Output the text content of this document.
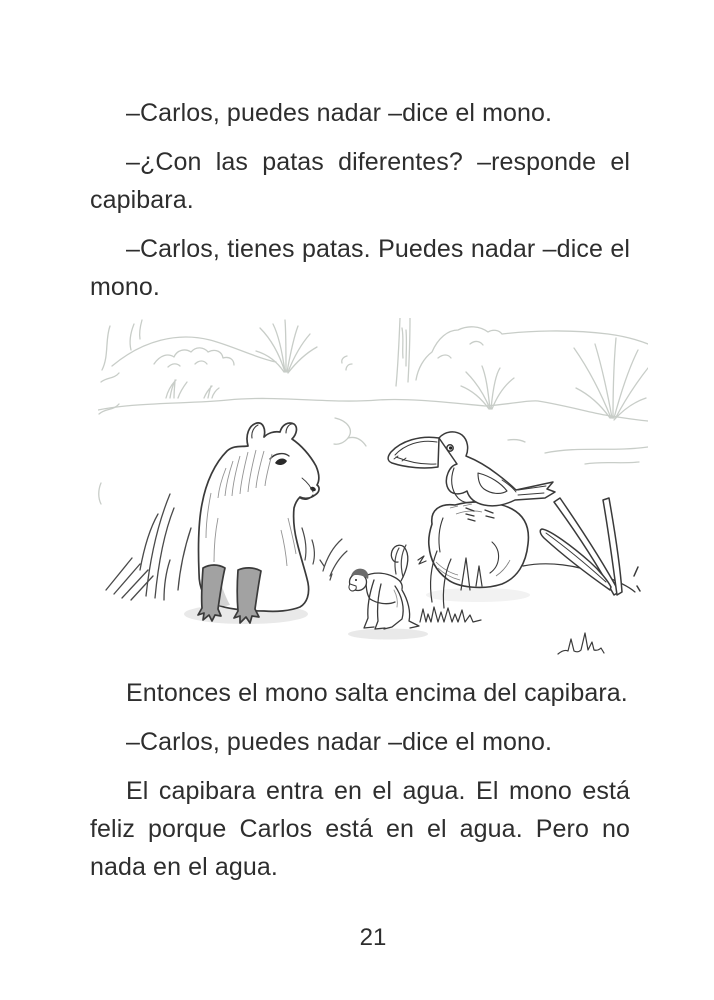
–Carlos, puedes nadar –dice el mono.
–¿Con las patas diferentes? –responde el
capibara.
–Carlos, tienes patas. Puedes nadar –dice el
mono.
Entonces el mono salta encima del capibara.
–Carlos, puedes nadar –dice el mono.
El capibara entra en el agua. El mono está
feliz porque Carlos está en el agua. Pero no
nada en el agua.
21
